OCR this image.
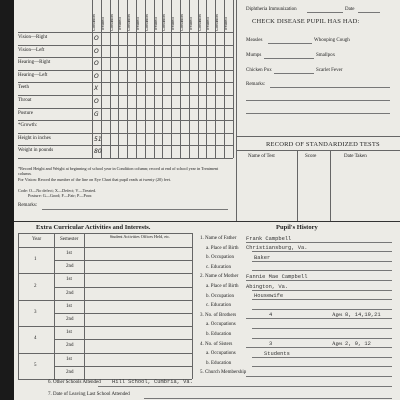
Condition Treated Condition Treated Condition Treated Condition Treated Condition Treated Condition Treated Condition Treated Condition Treated
Vision—Right	O
Vision—Left	O
Hearing—Right	O
Hearing—Left	O
Teeth	X
Throat	O
Posture	G
*Growth:
Height in inches	51
Weight in pounds	80
*Record Height and Weight at beginning of school year in Condition column; record at end of school year in Treatment column.
For Vision: Record the number of the line on Eye Chart that pupil reads at twenty (20) feet.
Code: O—No defect; X—Defect; V—Treated.
Posture: G—Good; F—Fair; P—Poor.
Remarks:
Diphtheria Immunization	Date
CHECK DISEASE PUPIL HAS HAD:
Measles	Whooping Cough
Mumps	Smallpox
Chicken Pox	Scarlet Fever
Remarks:
RECORD OF STANDARDIZED TESTS
Name of Test	Score	Date Taken
Extra Curricular Activities and Interests.
Year	Semester
Student Activities Offices Held, etc.
1
1st
2nd
2
1st
2nd
3
1st
2nd
4
1st
2nd
5
1st
2nd
Pupil's History
1. Name of Father Frank Campbell
a. Place of Birth Christiansburg, Va.
b. Occupation	Baker
c. Education
2. Name of Mother Fannie Mae Campbell
a. Place of Birth Abington, Va.
b. Occupation	Housewife
c. Education
3. No. of Brothers	4	Ages 8, 14,19,21
a. Occupations
b. Education
4. No. of Sisters	3	Ages 2, 9, 12
a. Occupations	Students
b. Education
5. Church Membership
6. Other Schools Attended Hill School, Cumbria, Va.
7. Date of Leaving Last School Attended
